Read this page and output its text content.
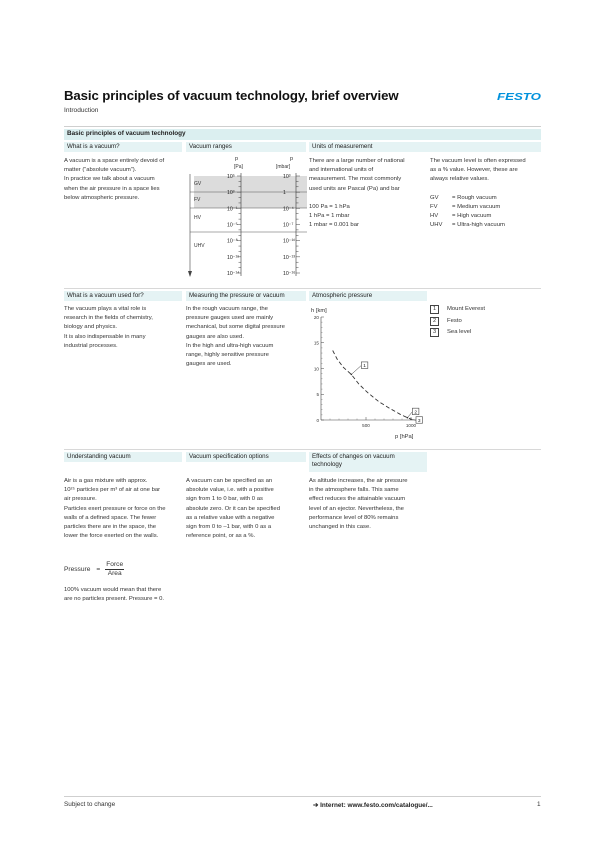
Basic principles of vacuum technology, brief overview
Introduction
FESTO
Basic principles of vacuum technology
What is a vacuum?	Vacuum ranges	Units of measurement

A vacuum is a space entirely devoid of

matter (“absolute vacuum”).

In practice we talk about a vacuum

when the air pressure in a space lies

below atmospheric pressure.

p
[Pa]
p
[mbar]
GV
FV
HV
UHV
10⁵
10³
10⁻¹
10⁻⁵
10⁻⁸
10⁻¹¹
10⁻¹⁴
10³
1
10⁻⁴
10⁻⁷
10⁻¹⁰
10⁻¹³
10⁻¹⁶

There are a large number of national

and international units of

measurement. The most commonly

used units are Pascal (Pa) and bar

100 Pa = 1 hPa

1 hPa = 1 mbar

1 mbar = 0.001 bar

The vacuum level is often expressed

as a % value. However, these are

always relative values.

GV	= Rough vacuum
FV	= Medium vacuum
HV	= High vacuum
UHV	= Ultra-high vacuum
What is a vacuum used for?	Measuring the pressure or vacuum	Atmospheric pressure

The vacuum plays a vital role is

research in the fields of chemistry,

biology and physics.

It is also indispensable in many

industrial processes.

In the rough vacuum range, the

pressure gauges used are mainly

mechanical, but some digital pressure

gauges are also used.

In the high and ultra-high vacuum

range, highly sensitive pressure

gauges are used.

h [km]
p [hPa]
20
15
10
5
0
500	1000
1
2
3
1	Mount Everest
2	Festo
3	Sea level
Understanding vacuum	Vacuum specification options	Effects of changes on vacuum
technology

Air is a gas mixture with approx.

10²⁵ particles per m³ of air at one bar

air pressure.

Particles exert pressure or force on the

walls of a defined space. The fewer

particles there are in the space, the

lower the force exerted on the walls.

Pressure = $\frac{\text{Force}}{\text{Area}}$

100% vacuum would mean that there

are no particles present. Pressure = 0.

A vacuum can be specified as an

absolute value, i.e. with a positive

sign from 1 to 0 bar, with 0 as

absolute zero. Or it can be specified

as a relative value with a negative

sign from 0 to –1 bar, with 0 as a

reference point, or as a %.

As altitude increases, the air pressure

in the atmosphere falls. This same

effect reduces the attainable vacuum

level of an ejector. Nevertheless, the

performance level of 80% remains

unchanged in this case.

Subject to change	➔ Internet: www.festo.com/catalogue/...	1
